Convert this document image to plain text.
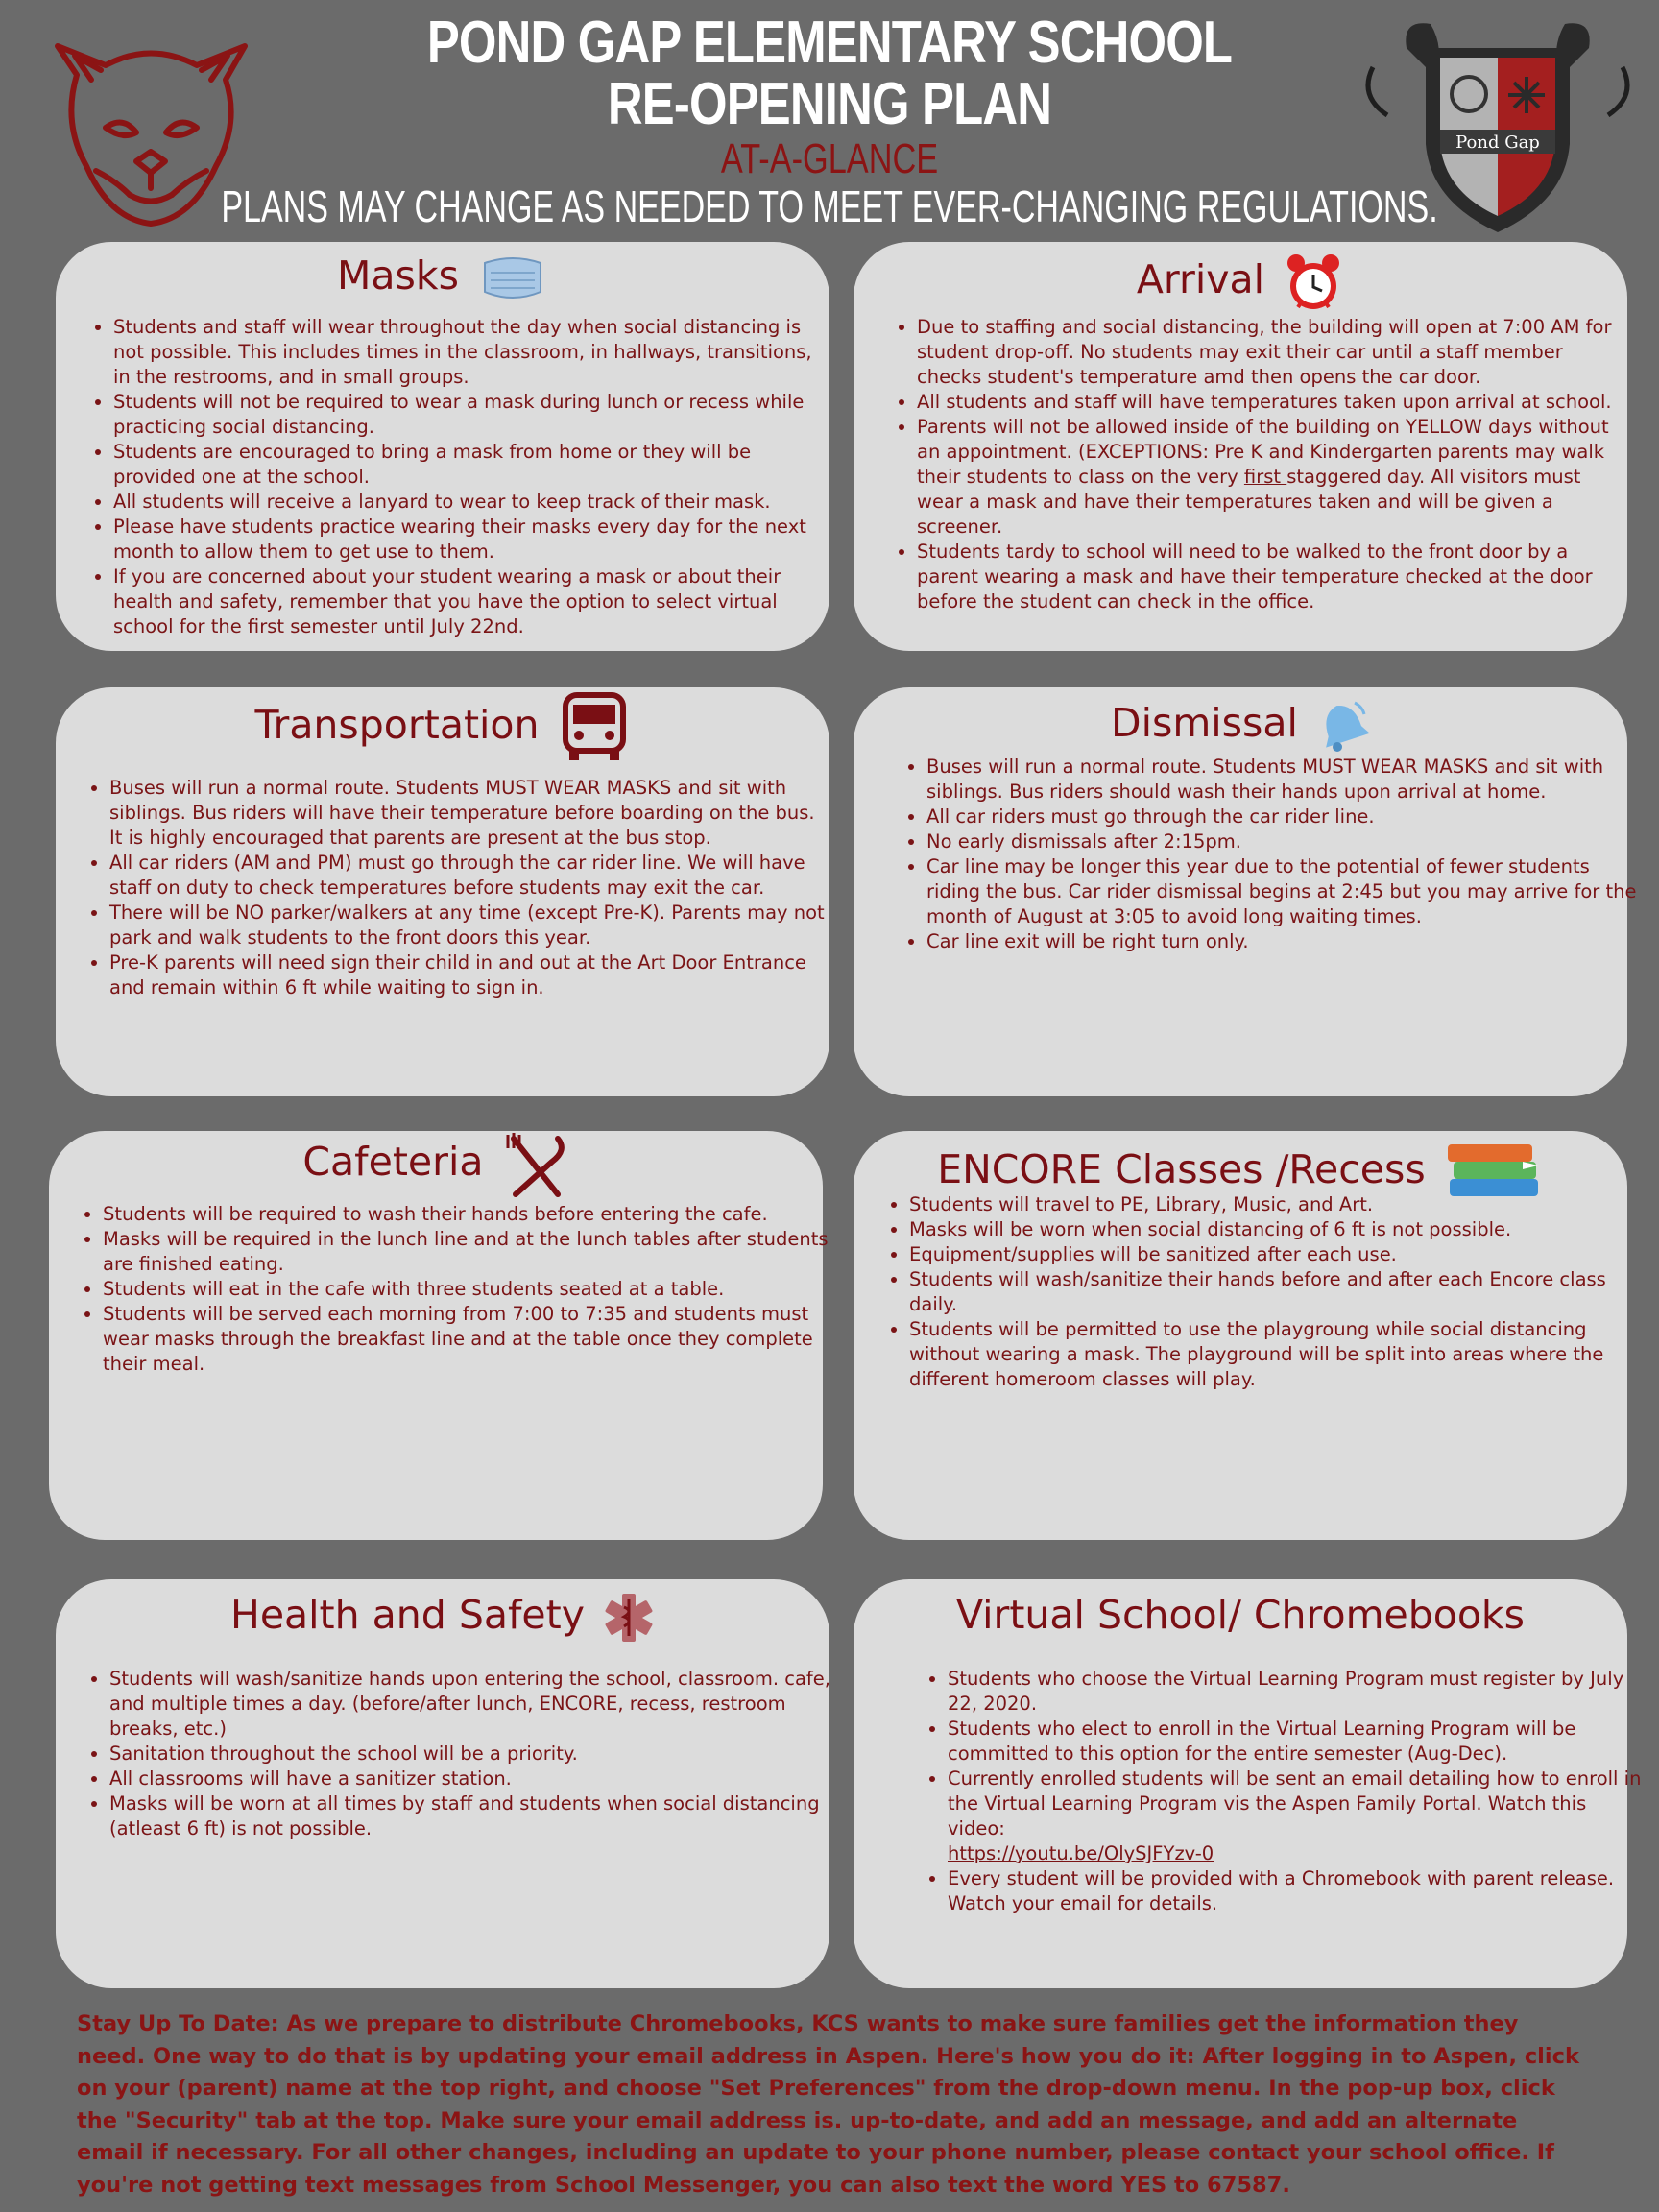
POND GAP ELEMENTARY SCHOOL
RE-OPENING PLAN
AT-A-GLANCE
PLANS MAY CHANGE AS NEEDED TO MEET EVER-CHANGING REGULATIONS.
Pond Gap
Masks
• Students and staff will wear throughout the day when social distancing is not possible. This includes times in the classroom, in hallways, transitions, in the restrooms, and in small groups.
• Students will not be required to wear a mask during lunch or recess while practicing social distancing.
• Students are encouraged to bring a mask from home or they will be provided one at the school.
• All students will receive a lanyard to wear to keep track of their mask.
• Please have students practice wearing their masks every day for the next month to allow them to get use to them.
• If you are concerned about your student wearing a mask or about their health and safety, remember that you have the option to select virtual school for the first semester until July 22nd.
Arrival
• Due to staffing and social distancing, the building will open at 7:00 AM for student drop-off. No students may exit their car until a staff member checks student's temperature amd then opens the car door.
• All students and staff will have temperatures taken upon arrival at school.
• Parents will not be allowed inside of the building on YELLOW days without an appointment. (EXCEPTIONS: Pre K and Kindergarten parents may walk their students to class on the very first staggered day. All visitors must wear a mask and have their temperatures taken and will be given a screener.
• Students tardy to school will need to be walked to the front door by a parent wearing a mask and have their temperature checked at the door before the student can check in the office.
Transportation
• Buses will run a normal route. Students MUST WEAR MASKS and sit with siblings. Bus riders will have their temperature before boarding on the bus. It is highly encouraged that parents are present at the bus stop.
• All car riders (AM and PM) must go through the car rider line. We will have staff on duty to check temperatures before students may exit the car.
• There will be NO parker/walkers at any time (except Pre-K). Parents may not park and walk students to the front doors this year.
• Pre-K parents will need sign their child in and out at the Art Door Entrance and remain within 6 ft while waiting to sign in.
Dismissal
• Buses will run a normal route. Students MUST WEAR MASKS and sit with siblings. Bus riders should wash their hands upon arrival at home.
• All car riders must go through the car rider line.
• No early dismissals after 2:15pm.
• Car line may be longer this year due to the potential of fewer students riding the bus. Car rider dismissal begins at 2:45 but you may arrive for the month of August at 3:05 to avoid long waiting times.
• Car line exit will be right turn only.
Cafeteria
• Students will be required to wash their hands before entering the cafe.
• Masks will be required in the lunch line and at the lunch tables after students are finished eating.
• Students will eat in the cafe with three students seated at a table.
• Students will be served each morning from 7:00 to 7:35 and students must wear masks through the breakfast line and at the table once they complete their meal.
ENCORE Classes /Recess
• Students will travel to PE, Library, Music, and Art.
• Masks will be worn when social distancing of 6 ft is not possible.
• Equipment/supplies will be sanitized after each use.
• Students will wash/sanitize their hands before and after each Encore class daily.
• Students will be permitted to use the playgroung while social distancing without wearing a mask. The playground will be split into areas where the different homeroom classes will play.
Health and Safety
• Students will wash/sanitize hands upon entering the school, classroom. cafe, and multiple times a day. (before/after lunch, ENCORE, recess, restroom breaks, etc.)
• Sanitation throughout the school will be a priority.
• All classrooms will have a sanitizer station.
• Masks will be worn at all times by staff and students when social distancing (atleast 6 ft) is not possible.
Virtual School/ Chromebooks
• Students who choose the Virtual Learning Program must register by July 22, 2020.
• Students who elect to enroll in the Virtual Learning Program will be committed to this option for the entire semester (Aug-Dec).
• Currently enrolled students will be sent an email detailing how to enroll in the Virtual Learning Program vis the Aspen Family Portal. Watch this video:
https://youtu.be/OlySJFYzv-0
• Every student will be provided with a Chromebook with parent release. Watch your email for details.
Stay Up To Date: As we prepare to distribute Chromebooks, KCS wants to make sure families get the information they need. One way to do that is by updating your email address in Aspen. Here's how you do it: After logging in to Aspen, click on your (parent) name at the top right, and choose "Set Preferences" from the drop-down menu. In the pop-up box, click the "Security" tab at the top. Make sure your email address is. up-to-date, and add an message, and add an alternate email if necessary. For all other changes, including an update to your phone number, please contact your school office. If you're not getting text messages from School Messenger, you can also text the word YES to 67587.
